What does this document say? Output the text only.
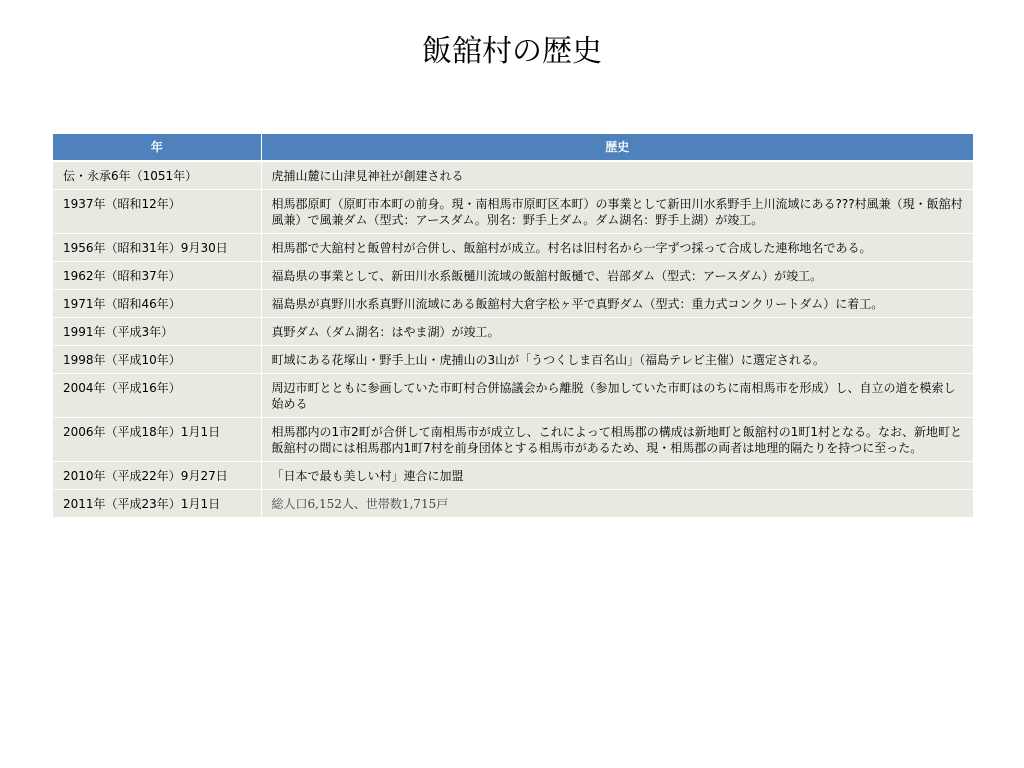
飯舘村の歴史
年	歴史
伝・永承6年（1051年）	虎捕山麓に山津見神社が創建される
1937年（昭和12年）	相馬郡原町（原町市本町の前身。現・南相馬市原町区本町）の事業として新田川水系野手上川流域にある???村風兼（現・飯舘村風兼）で風兼ダム（型式：アースダム。別名：野手上ダム。ダム湖名：野手上湖）が竣工。
1956年（昭和31年）9月30日	相馬郡で大舘村と飯曾村が合併し、飯舘村が成立。村名は旧村名から一字ずつ採って合成した連称地名である。
1962年（昭和37年）	福島県の事業として、新田川水系飯樋川流域の飯舘村飯樋で、岩部ダム（型式：アースダム）が竣工。
1971年（昭和46年）	福島県が真野川水系真野川流域にある飯舘村大倉字松ヶ平で真野ダム（型式：重力式コンクリートダム）に着工。
1991年（平成3年）	真野ダム（ダム湖名：はやま湖）が竣工。
1998年（平成10年）	町域にある花塚山・野手上山・虎捕山の3山が「うつくしま百名山」（福島テレビ主催）に選定される。
2004年（平成16年）	周辺市町とともに参画していた市町村合併協議会から離脱（参加していた市町はのちに南相馬市を形成）し、自立の道を模索し始める
2006年（平成18年）1月1日	相馬郡内の1市2町が合併して南相馬市が成立し、これによって相馬郡の構成は新地町と飯舘村の1町1村となる。なお、新地町と飯舘村の間には相馬郡内1町7村を前身団体とする相馬市があるため、現・相馬郡の両者は地理的隔たりを持つに至った。
2010年（平成22年）9月27日	「日本で最も美しい村」連合に加盟
2011年（平成23年）1月1日	総人口6,152人、世帯数1,715戸
